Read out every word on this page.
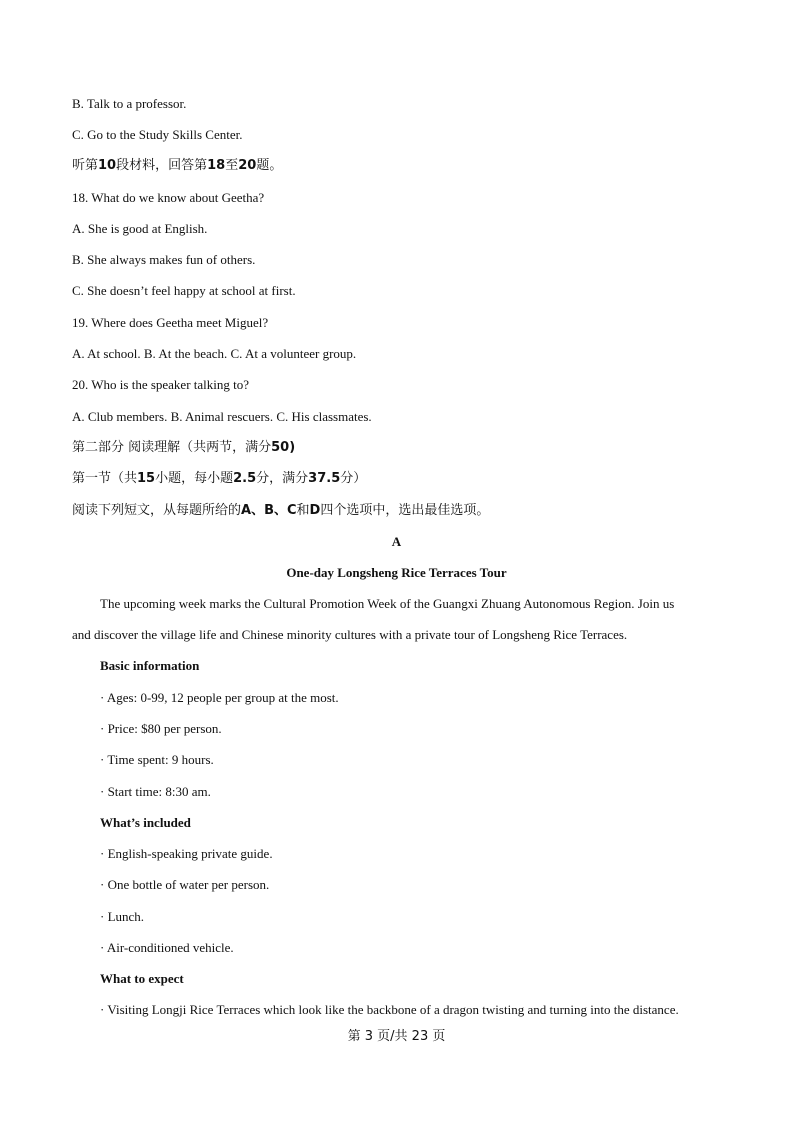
B. Talk to a professor.
C. Go to the Study Skills Center.
听第10段材料，回答第18至20题。
18. What do we know about Geetha?
A. She is good at English.
B. She always makes fun of others.
C. She doesn’t feel happy at school at first.
19. Where does Geetha meet Miguel?
A. At school. B. At the beach. C. At a volunteer group.
20. Who is the speaker talking to?
A. Club members. B. Animal rescuers. C. His classmates.
第二部分 阅读理解（共两节，满分50)
第一节（共15小题，每小题2.5分，满分37.5分）
阅读下列短文，从每题所给的A、B、C和D四个选项中，选出最佳选项。
A
One-day Longsheng Rice Terraces Tour
The upcoming week marks the Cultural Promotion Week of the Guangxi Zhuang Autonomous Region. Join us
and discover the village life and Chinese minority cultures with a private tour of Longsheng Rice Terraces.
Basic information
· Ages: 0-99, 12 people per group at the most.
· Price: $80 per person.
· Time spent: 9 hours.
· Start time: 8:30 am.
What’s included
· English-speaking private guide.
· One bottle of water per person.
· Lunch.
· Air-conditioned vehicle.
What to expect
· Visiting Longji Rice Terraces which look like the backbone of a dragon twisting and turning into the distance.
第 3 页/共 23 页
